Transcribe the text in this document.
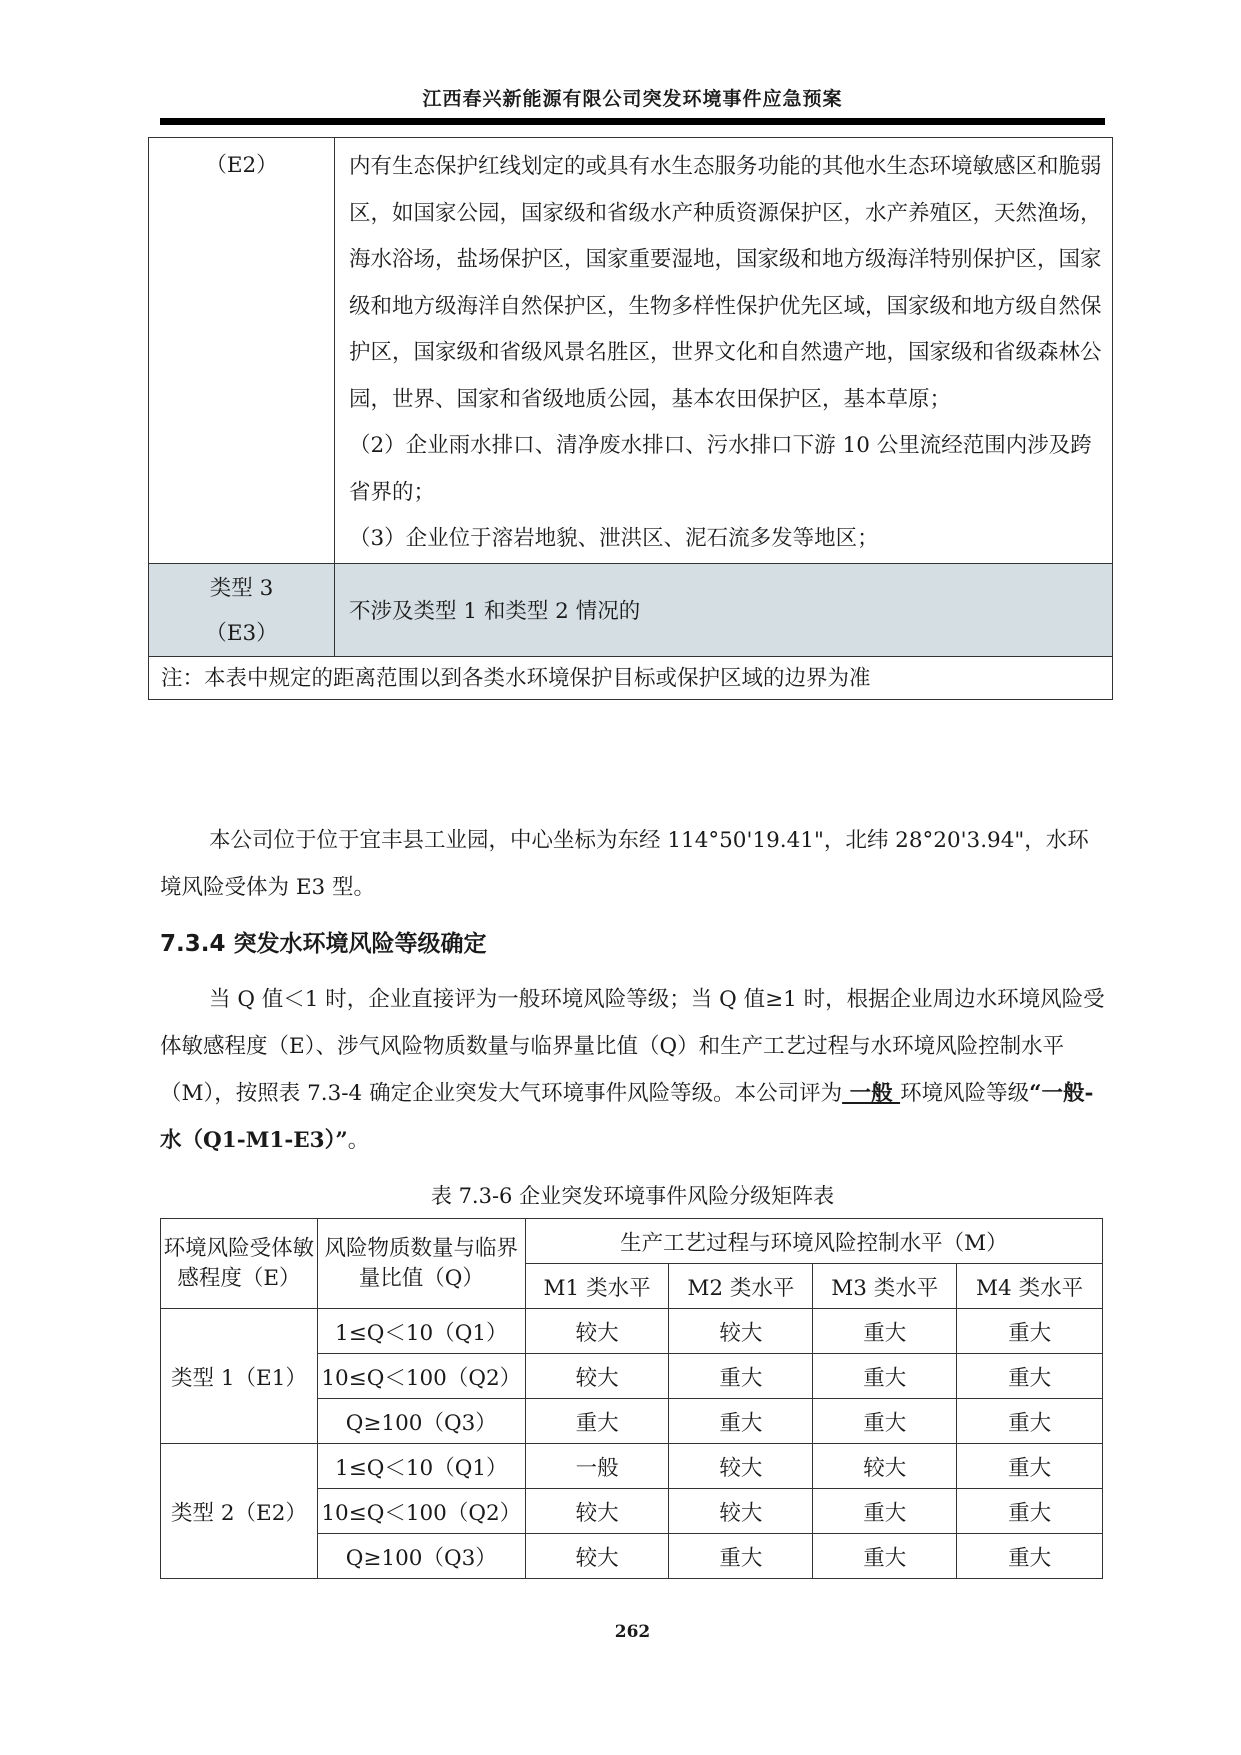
江西春兴新能源有限公司突发环境事件应急预案
（E2）	内有生态保护红线划定的或具有水生态服务功能的其他水生态环境敏感区和脆弱区，如国家公园，国家级和省级水产种质资源保护区，水产养殖区，天然渔场，海水浴场，盐场保护区，国家重要湿地，国家级和地方级海洋特别保护区，国家级和地方级海洋自然保护区，生物多样性保护优先区域，国家级和地方级自然保护区，国家级和省级风景名胜区，世界文化和自然遗产地，国家级和省级森林公园，世界、国家和省级地质公园，基本农田保护区，基本草原；

（2）企业雨水排口、清净废水排口、污水排口下游 10 公里流经范围内涉及跨省界的；

（3）企业位于溶岩地貌、泄洪区、泥石流多发等地区；

类型 3
（E3）	不涉及类型 1 和类型 2 情况的
注：本表中规定的距离范围以到各类水环境保护目标或保护区域的边界为准	

本公司位于位于宜丰县工业园，中心坐标为东经 114°50'19.41"，北纬 28°20'3.94"，水环境风险受体为 E3 型。

7.3.4 突发水环境风险等级确定

当 Q 值＜1 时，企业直接评为一般环境风险等级；当 Q 值≥1 时，根据企业周边水环境风险受体敏感程度（E）、涉气风险物质数量与临界量比值（Q）和生产工艺过程与水环境风险控制水平（M），按照表 7.3-4 确定企业突发大气环境事件风险等级。本公司评为 一般 环境风险等级“一般-水（Q1-M1-E3）”。

表 7.3-6 企业突发环境事件风险分级矩阵表
环境风险受体敏感程度（E）	风险物质数量与临界量比值（Q）	生产工艺过程与环境风险控制水平（M）			
		M1 类水平	M2 类水平	M3 类水平	M4 类水平
类型 1（E1）	1≤Q＜10（Q1）	较大	较大	重大	重大
	10≤Q＜100（Q2）	较大	重大	重大	重大
	Q≥100（Q3）	重大	重大	重大	重大
类型 2（E2）	1≤Q＜10（Q1）	一般	较大	较大	重大
	10≤Q＜100（Q2）	较大	较大	重大	重大
	Q≥100（Q3）	较大	重大	重大	重大
262
